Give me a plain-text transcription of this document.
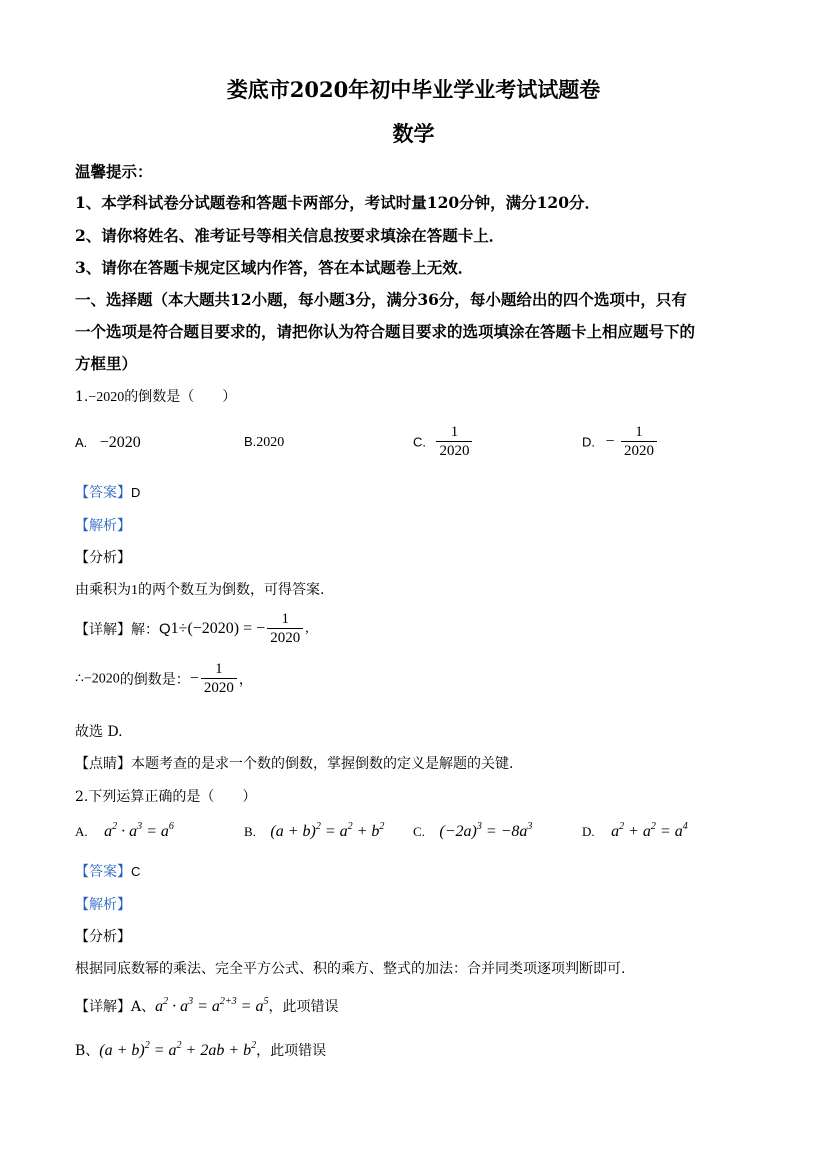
娄底市2020年初中毕业学业考试试题卷
数学
温馨提示：
1、本学科试卷分试题卷和答题卡两部分，考试时量120分钟，满分120分．
2、请你将姓名、准考证号等相关信息按要求填涂在答题卡上．
3、请你在答题卡规定区域内作答，答在本试题卷上无效．
一、选择题（本大题共12小题，每小题3分，满分36分，每小题给出的四个选项中，只有
一个选项是符合题目要求的，请把你认为符合题目要求的选项填涂在答题卡上相应题号下的
方框里）
1.−2020的倒数是（　　）
A. −2020	B.2020	C. $\frac{1}{2020}$	D. − $\frac{1}{2020}$
【答案】D
【解析】
【分析】
由乘积为1的两个数互为倒数，可得答案.
【详解】解：Q1÷(−2020) = − $\frac{1}{2020}$ ,
∴−2020的倒数是：− $\frac{1}{2020}$ ，
故选 D.
【点睛】本题考查的是求一个数的倒数，掌握倒数的定义是解题的关键.
2.下列运算正确的是（　　）
A. $a^2 \cdot a^3 = a^6$	B. $(a + b)^2 = a^2 + b^2$ C. $(-2a)^3 = -8a^3$	D. $a^2 + a^2 = a^4$
【答案】C
【解析】
【分析】
根据同底数幂的乘法、完全平方公式、积的乘方、整式的加法：合并同类项逐项判断即可.
【详解】A、$a^2 \cdot a^3 = a^{2+3} = a^5$，此项错误
B、$(a + b)^2 = a^2 + 2ab + b^2$，此项错误
